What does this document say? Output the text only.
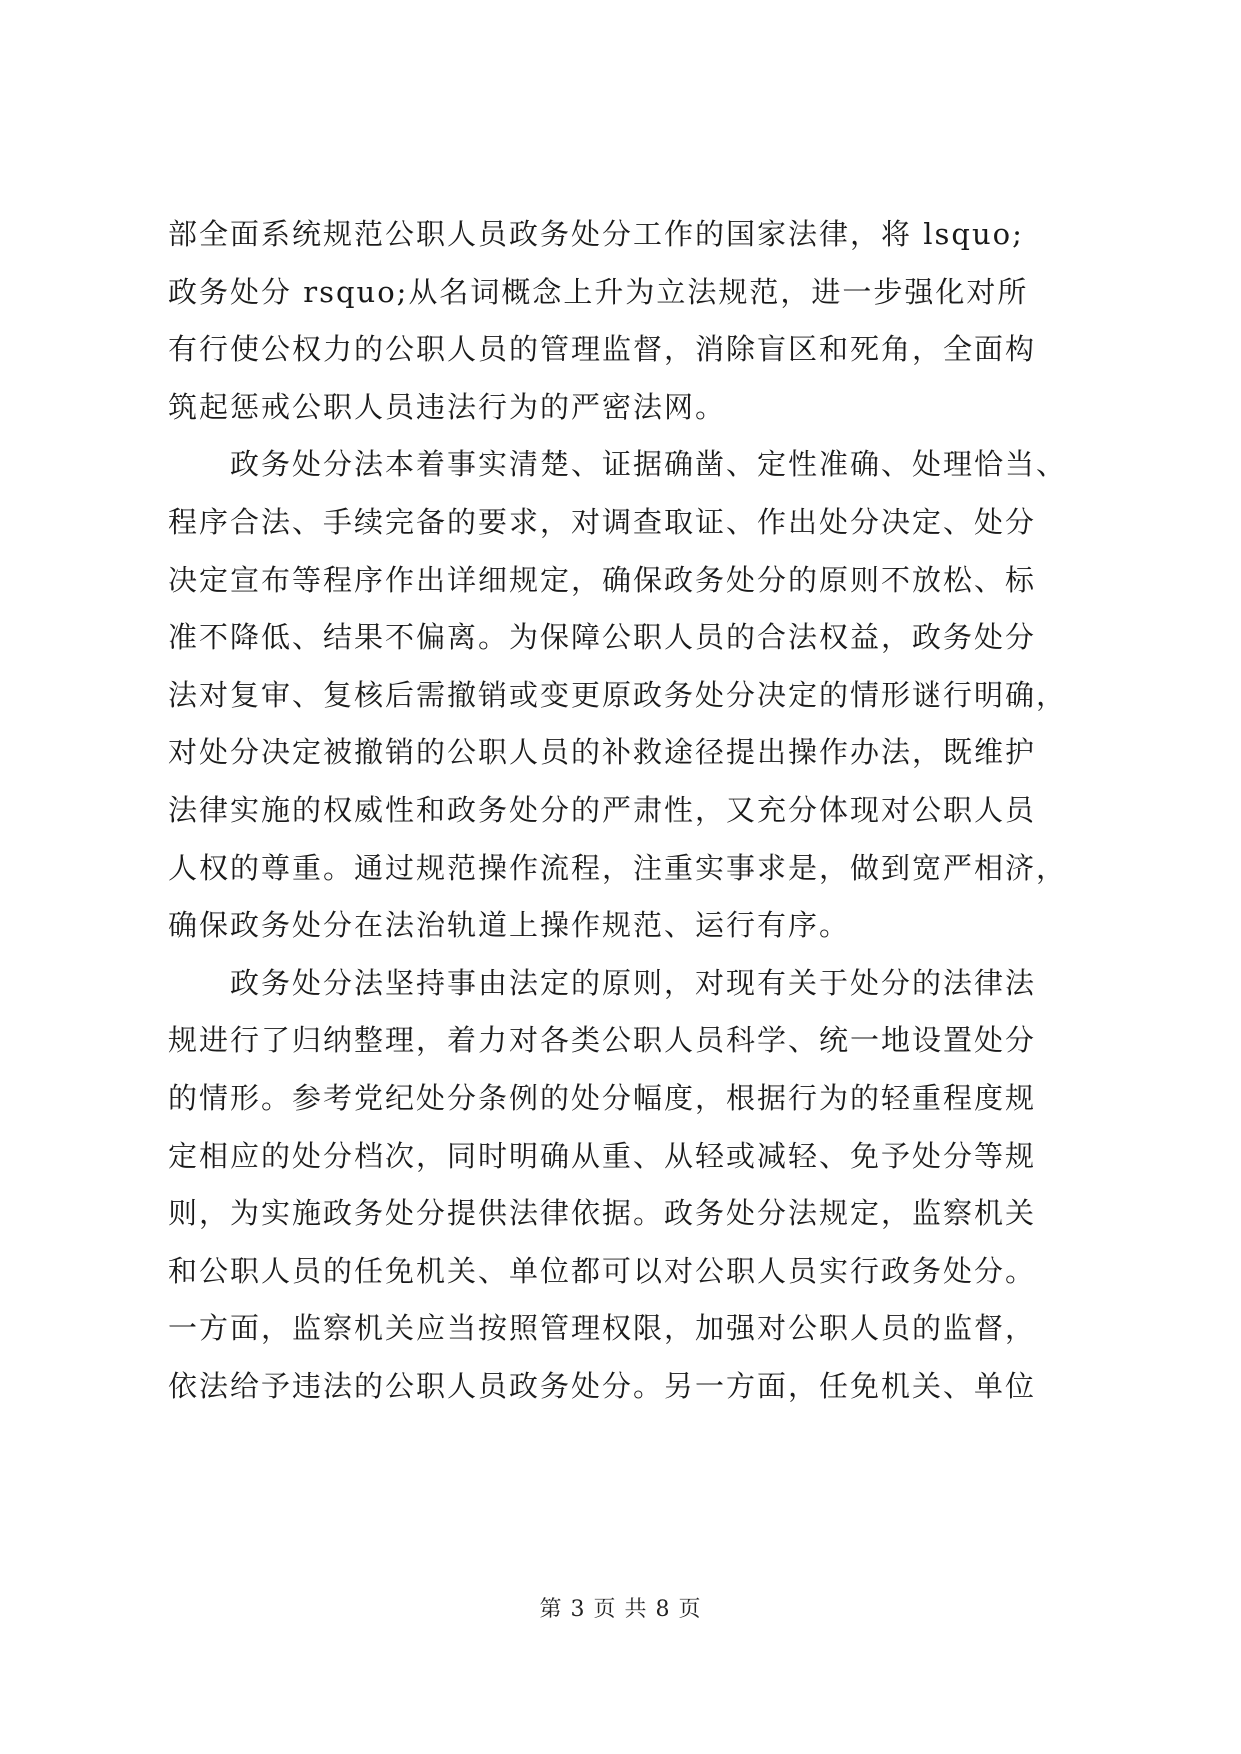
部全面系统规范公职人员政务处分工作的国家法律，将 lsquo;
政务处分 rsquo;从名词概念上升为立法规范，进一步强化对所
有行使公权力的公职人员的管理监督，消除盲区和死角，全面构
筑起惩戒公职人员违法行为的严密法网。
　　政务处分法本着事实清楚、证据确凿、定性准确、处理恰当、
程序合法、手续完备的要求，对调查取证、作出处分决定、处分
决定宣布等程序作出详细规定，确保政务处分的原则不放松、标
准不降低、结果不偏离。为保障公职人员的合法权益，政务处分
法对复审、复核后需撤销或变更原政务处分决定的情形谜行明确，
对处分决定被撤销的公职人员的补救途径提出操作办法，既维护
法律实施的权威性和政务处分的严肃性，又充分体现对公职人员
人权的尊重。通过规范操作流程，注重实事求是，做到宽严相济，
确保政务处分在法治轨道上操作规范、运行有序。
　　政务处分法坚持事由法定的原则，对现有关于处分的法律法
规进行了归纳整理，着力对各类公职人员科学、统一地设置处分
的情形。参考党纪处分条例的处分幅度，根据行为的轻重程度规
定相应的处分档次，同时明确从重、从轻或减轻、免予处分等规
则，为实施政务处分提供法律依据。政务处分法规定，监察机关
和公职人员的任免机关、单位都可以对公职人员实行政务处分。
一方面，监察机关应当按照管理权限，加强对公职人员的监督，
依法给予违法的公职人员政务处分。另一方面，任免机关、单位
第 3 页 共 8 页
